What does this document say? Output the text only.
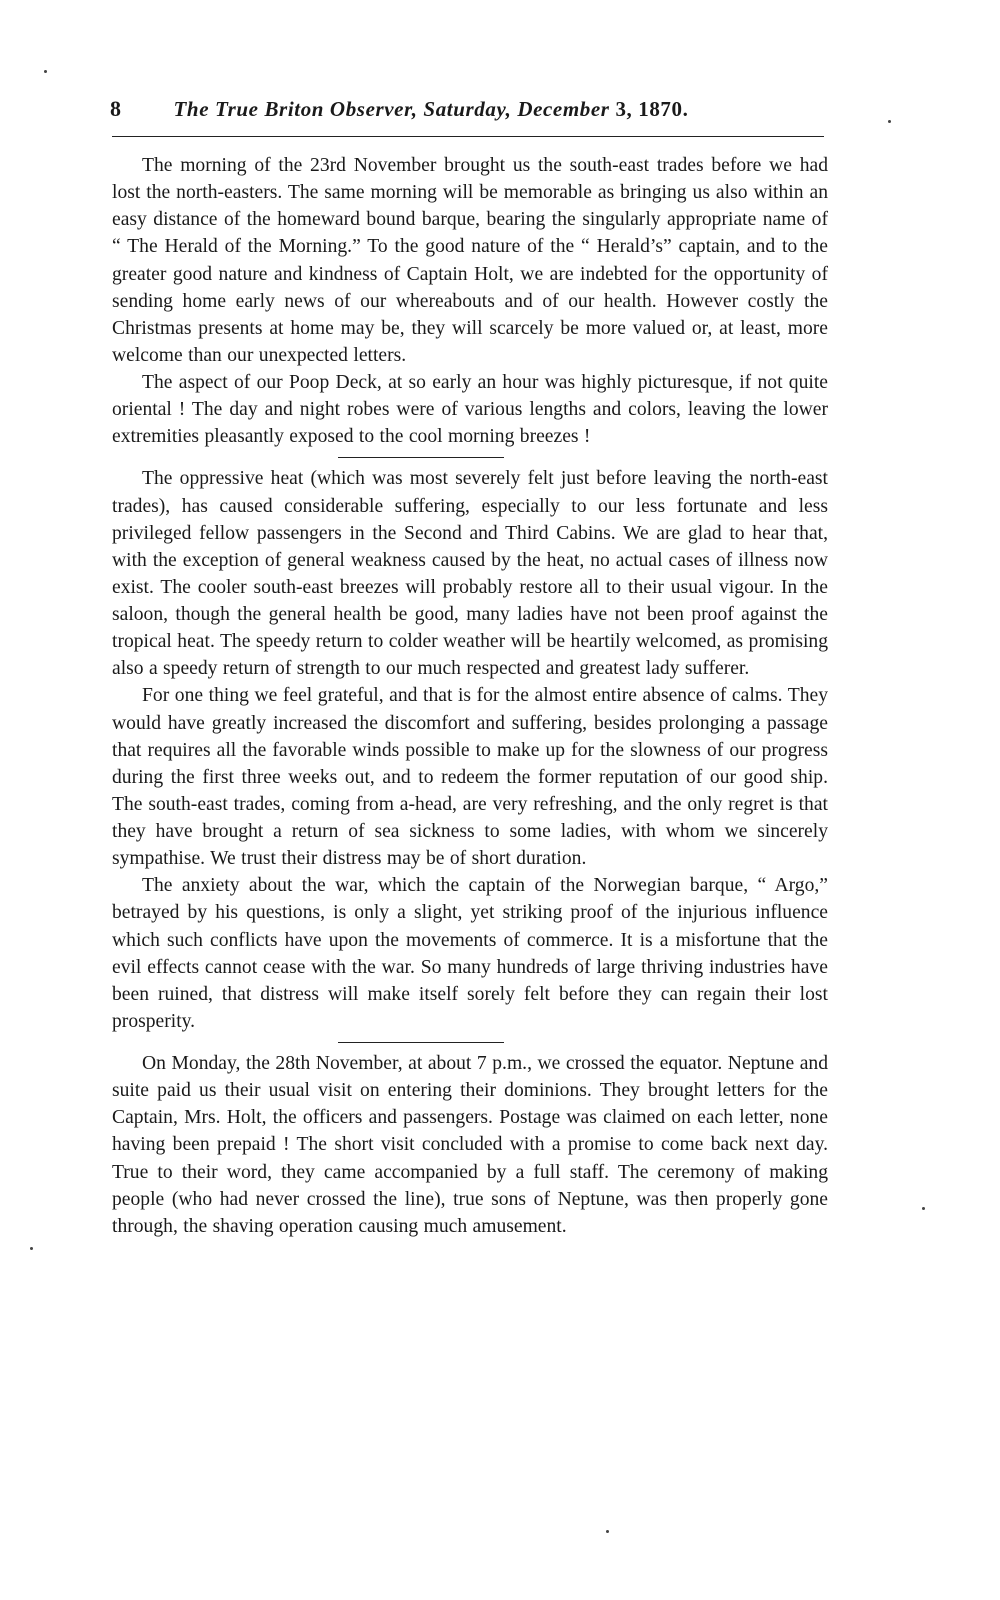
8 The True Briton Observer, Saturday, December 3, 1870.

The morning of the 23rd November brought us the south-east trades before we had lost the north-easters. The same morning will be memorable as bringing us also within an easy distance of the homeward bound barque, bearing the singularly appropriate name of “ The Herald of the Morning.” To the good nature of the “ Herald’s” captain, and to the greater good nature and kindness of Captain Holt, we are indebted for the opportunity of sending home early news of our whereabouts and of our health. However costly the Christmas presents at home may be, they will scarcely be more valued or, at least, more welcome than our unexpected letters.

The aspect of our Poop Deck, at so early an hour was highly picturesque, if not quite oriental ! The day and night robes were of various lengths and colors, leaving the lower extremities pleasantly exposed to the cool morning breezes !

The oppressive heat (which was most severely felt just before leaving the north-east trades), has caused considerable suffering, especially to our less fortunate and less privileged fellow passengers in the Second and Third Cabins. We are glad to hear that, with the exception of general weakness caused by the heat, no actual cases of illness now exist. The cooler south-east breezes will probably restore all to their usual vigour. In the saloon, though the general health be good, many ladies have not been proof against the tropical heat. The speedy return to colder weather will be heartily welcomed, as promising also a speedy return of strength to our much respected and greatest lady sufferer.

For one thing we feel grateful, and that is for the almost entire absence of calms. They would have greatly increased the discomfort and suffering, besides prolonging a passage that requires all the favorable winds possible to make up for the slowness of our progress during the first three weeks out, and to redeem the former reputation of our good ship. The south-east trades, coming from a-head, are very refreshing, and the only regret is that they have brought a return of sea sickness to some ladies, with whom we sincerely sympathise. We trust their distress may be of short duration.

The anxiety about the war, which the captain of the Norwegian barque, “ Argo,” betrayed by his questions, is only a slight, yet striking proof of the injurious influence which such conflicts have upon the movements of commerce. It is a misfortune that the evil effects cannot cease with the war. So many hundreds of large thriving industries have been ruined, that distress will make itself sorely felt before they can regain their lost prosperity.

On Monday, the 28th November, at about 7 p.m., we crossed the equator. Neptune and suite paid us their usual visit on entering their dominions. They brought letters for the Captain, Mrs. Holt, the officers and passengers. Postage was claimed on each letter, none having been prepaid ! The short visit concluded with a promise to come back next day. True to their word, they came accompanied by a full staff. The ceremony of making people (who had never crossed the line), true sons of Neptune, was then properly gone through, the shaving operation causing much amusement.
